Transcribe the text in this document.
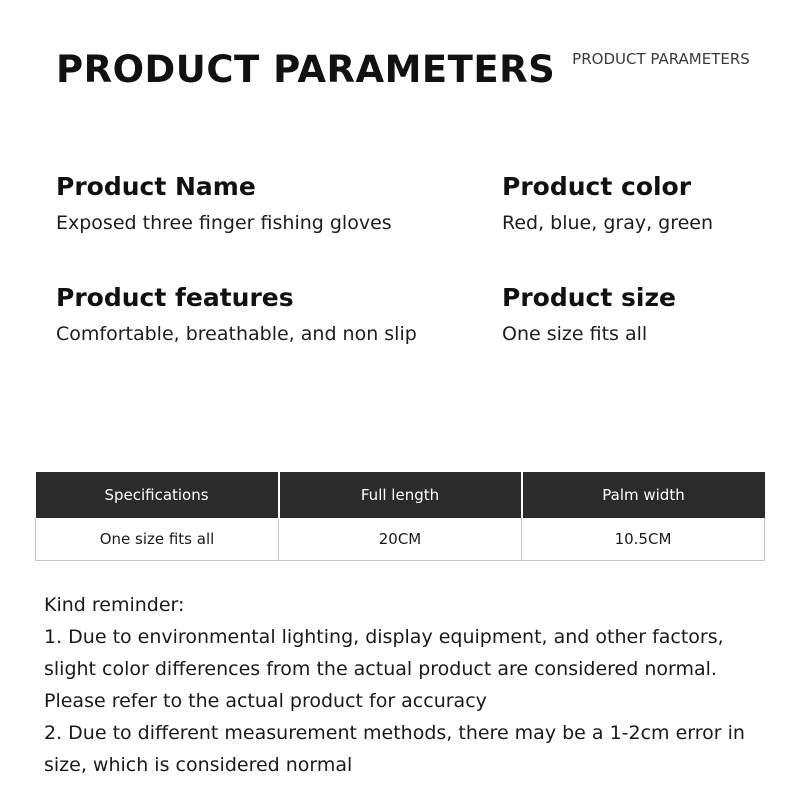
PRODUCT PARAMETERS	PRODUCT PARAMETERS
Product Name
Exposed three finger fishing gloves
Product color
Red, blue, gray, green
Product features
Comfortable, breathable, and non slip
Product size
One size fits all
Specifications	Full length	Palm width
One size fits all	20CM	10.5CM

Kind reminder:

1. Due to environmental lighting, display equipment, and other factors, slight color differences from the actual product are considered normal. Please refer to the actual product for accuracy

2. Due to different measurement methods, there may be a 1-2cm error in size, which is considered normal
